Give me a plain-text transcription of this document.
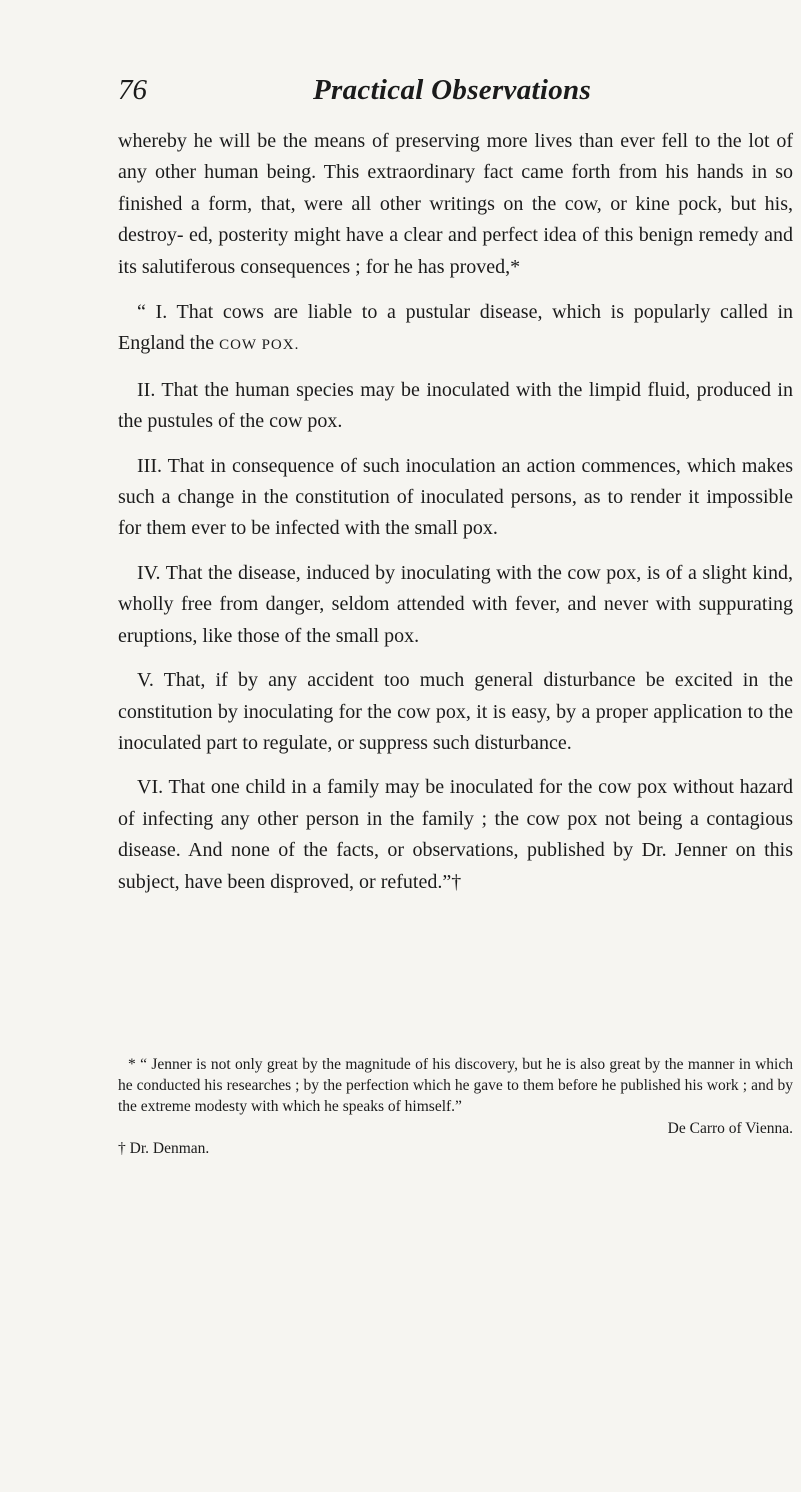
76	Practical Observations

whereby he will be the means of preserving more lives than ever fell to the lot of any other human being. This extraordinary fact came forth from his hands in so finished a form, that, were all other writings on the cow, or kine pock, but his, destroy- ed, posterity might have a clear and perfect idea of this benign remedy and its salutiferous consequences ; for he has proved,*

“ I. That cows are liable to a pustular disease, which is popularly called in England the COW POX.

II. That the human species may be inoculated with the limpid fluid, produced in the pustules of the cow pox.

III. That in consequence of such inoculation an action commences, which makes such a change in the constitution of inoculated persons, as to render it impossible for them ever to be infected with the small pox.

IV. That the disease, induced by inoculating with the cow pox, is of a slight kind, wholly free from danger, seldom attended with fever, and never with suppurating eruptions, like those of the small pox.

V. That, if by any accident too much general disturbance be excited in the constitution by inoculating for the cow pox, it is easy, by a proper application to the inoculated part to regulate, or suppress such disturbance.

VI. That one child in a family may be inoculated for the cow pox without hazard of infecting any other person in the family ; the cow pox not being a contagious disease. And none of the facts, or observations, published by Dr. Jenner on this subject, have been disproved, or refuted.”†

* “ Jenner is not only great by the magnitude of his discovery, but he is also great by the manner in which he conducted his researches ; by the perfection which he gave to them before he published his work ; and by the extreme modesty with which he speaks of himself.”

De Carro of Vienna.

† Dr. Denman.
